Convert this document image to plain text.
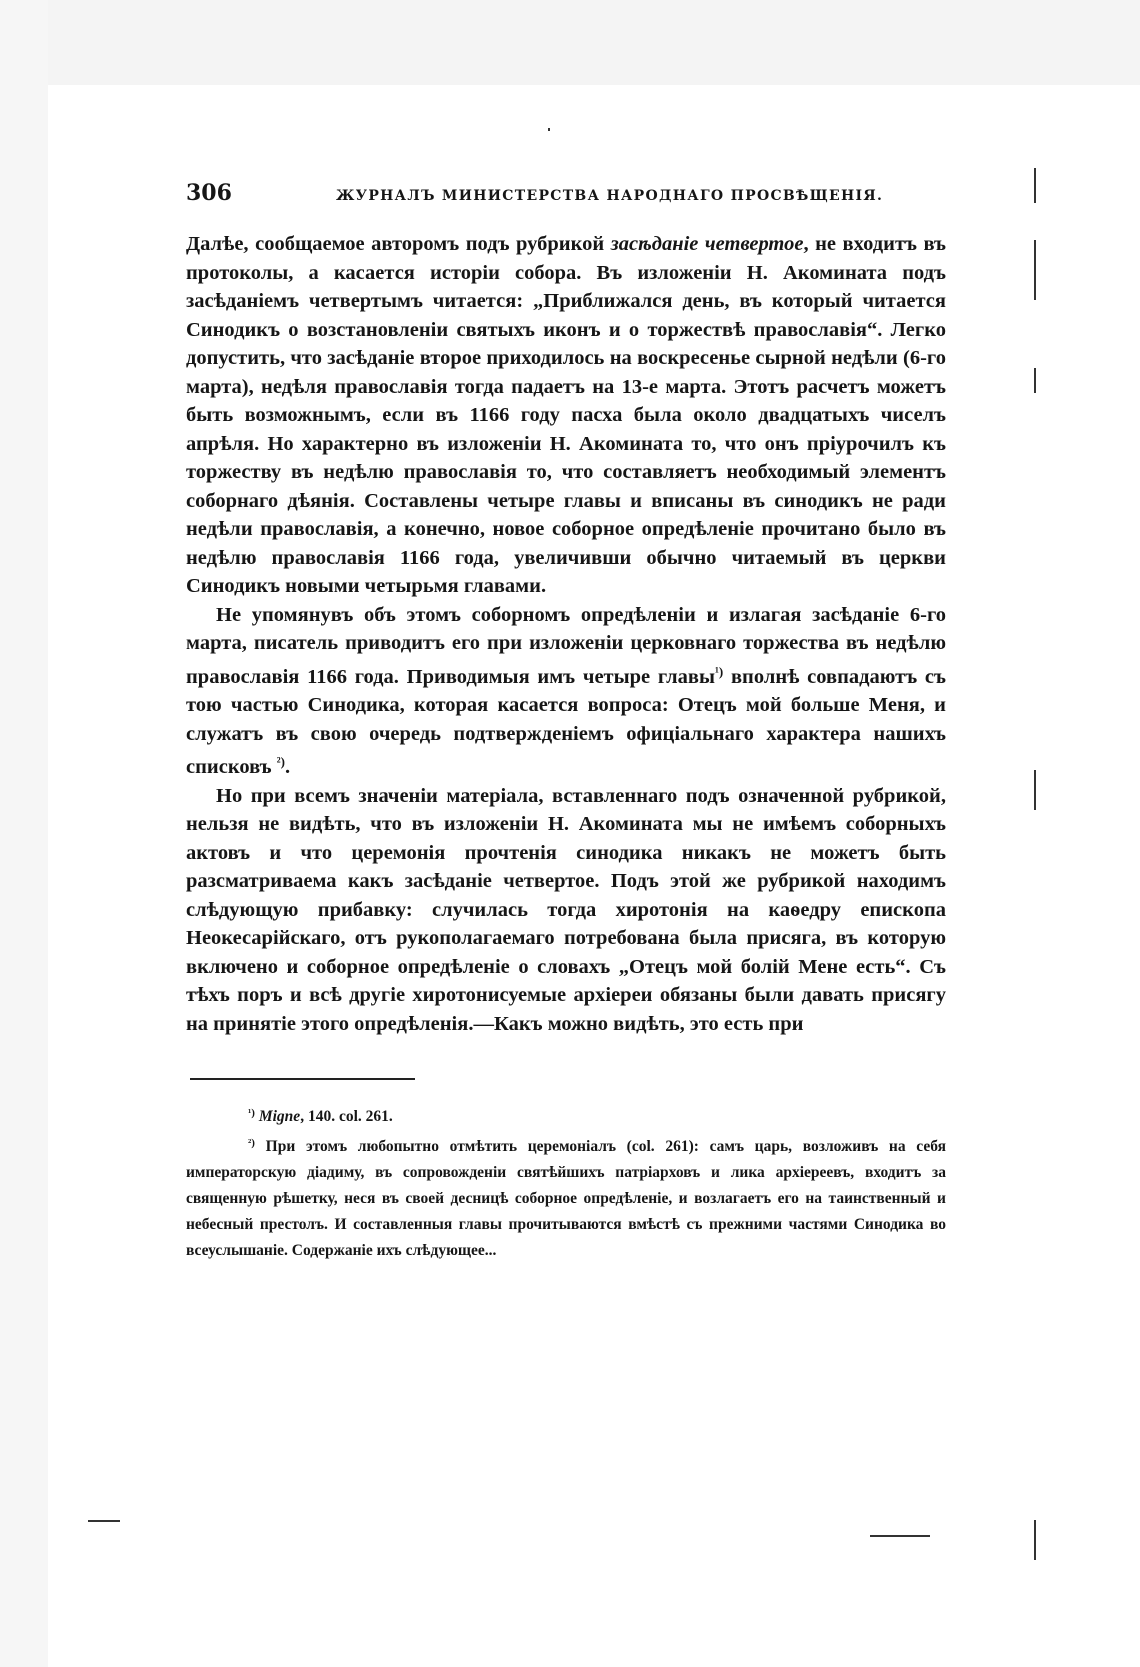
306	ЖУРНАЛЪ МИНИСТЕРСТВА НАРОДНАГО ПРОСВѢЩЕНІЯ.

Далѣе, сообщаемое авторомъ подъ рубрикой засѣданіе четвертое, не входитъ въ протоколы, а касается исторіи собора. Въ изложеніи Н. Акомината подъ засѣданіемъ четвертымъ читается: „Приближался день, въ который читается Синодикъ о возстановленіи святыхъ иконъ и о торжествѣ православія“. Легко допустить, что засѣданіе второе приходилось на воскресенье сырной недѣли (6-го марта), недѣля православія тогда падаетъ на 13-е марта. Этотъ расчетъ можетъ быть возможнымъ, если въ 1166 году пасха была около двадцатыхъ чиселъ апрѣля. Но характерно въ изложеніи Н. Акомината то, что онъ пріурочилъ къ торжеству въ недѣлю православія то, что составляетъ необходимый элементъ соборнаго дѣянія. Составлены четыре главы и вписаны въ синодикъ не ради недѣли православія, а конечно, новое соборное опредѣленіе прочитано было въ недѣлю православія 1166 года, увеличивши обычно читаемый въ церкви Синодикъ новыми четырьмя главами.

Не упомянувъ объ этомъ соборномъ опредѣленіи и излагая засѣданіе 6-го марта, писатель приводитъ его при изложеніи церковнаго торжества въ недѣлю православія 1166 года. Приводимыя имъ четыре главы$^{^1)}$ вполнѣ совпадаютъ съ тою частью Синодика, которая касается вопроса: Отецъ мой больше Меня, и служатъ въ свою очередь подтвержденіемъ офиціальнаго характера нашихъ списковъ $^{^2)}$.

Но при всемъ значеніи матеріала, вставленнаго подъ означенной рубрикой, нельзя не видѣть, что въ изложеніи Н. Акомината мы не имѣемъ соборныхъ актовъ и что церемонія прочтенія синодика никакъ не можетъ быть разсматриваема какъ засѣданіе четвертое. Подъ этой же рубрикой находимъ слѣдующую прибавку: случилась тогда хиротонія на каѳедру епископа Неокесарійскаго, отъ рукополагаемаго потребована была присяга, въ которую включено и соборное опредѣленіе о словахъ „Отецъ мой болій Мене есть“. Съ тѣхъ поръ и всѣ другіе хиротонисуемые архіереи обязаны были давать присягу на принятіе этого опредѣленія.—Какъ можно видѣть, это есть при

$^{^1)}$ Migne, 140. col. 261.

$^{^2)}$ При этомъ любопытно отмѣтить церемоніалъ (col. 261): самъ царь, возложивъ на себя императорскую діадиму, въ сопровожденіи святѣйшихъ патріарховъ и лика архіереевъ, входитъ за священную рѣшетку, неся въ своей десницѣ соборное опредѣленіе, и возлагаетъ его на таинственный и небесный престолъ. И составленныя главы прочитываются вмѣстѣ съ прежними частями Синодика во всеуслышаніе. Содержаніе ихъ слѣдующее...
